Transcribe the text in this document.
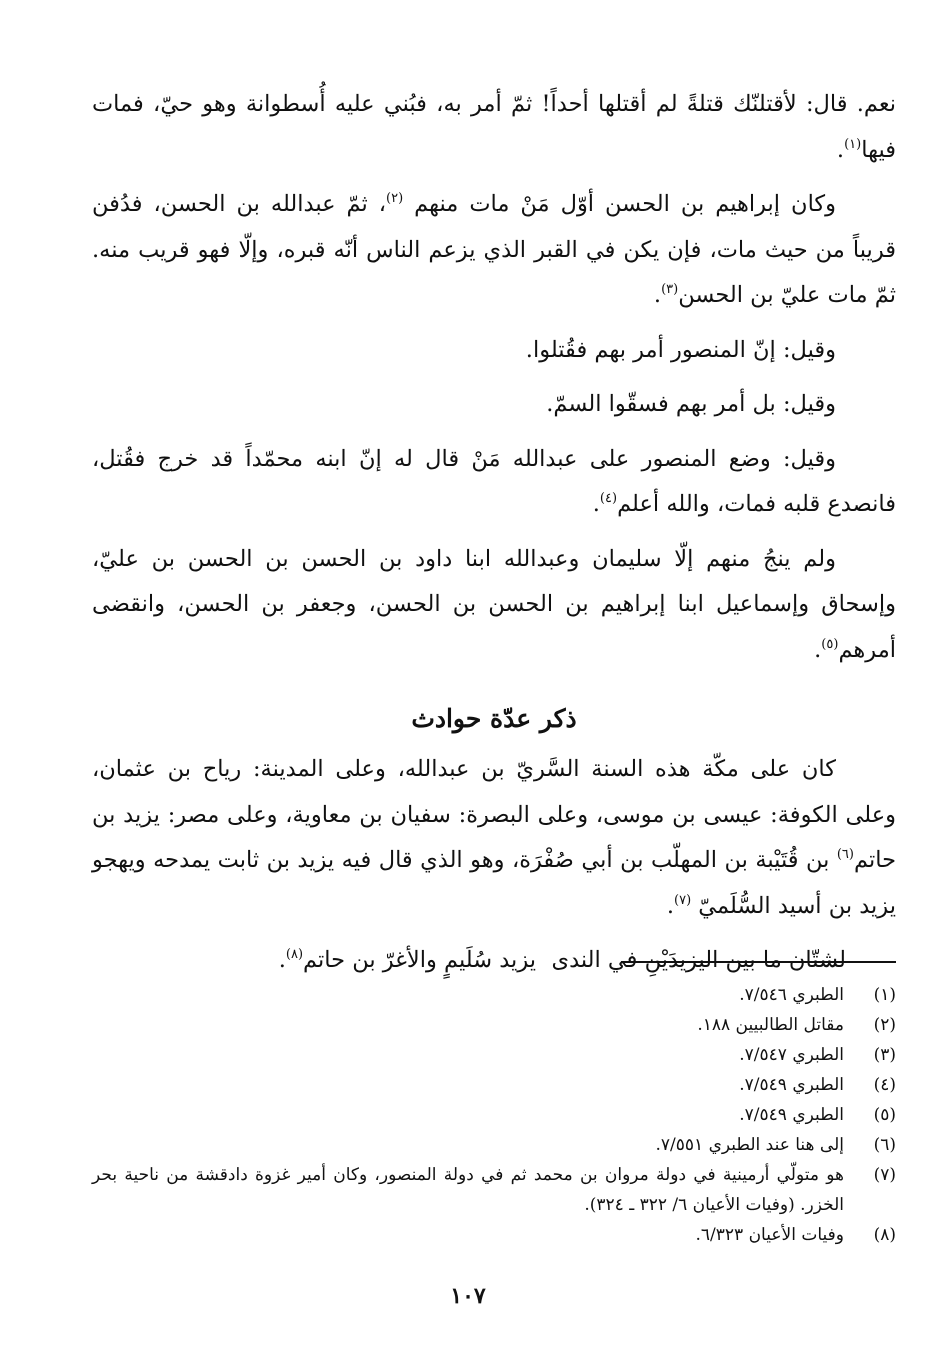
نعم. قال: لأقتلنّك قتلةً لم أقتلها أحداً! ثمّ أمر به، فبُني عليه أُسطوانة وهو حيّ، فمات فيها$^{(١)}$.

وكان إبراهيم بن الحسن أوّل مَنْ مات منهم $^{(٢)}$، ثمّ عبدالله بن الحسن، فدُفن قريباً من حيث مات، فإن يكن في القبر الذي يزعم الناس أنّه قبره، وإلّا فهو قريب منه. ثمّ مات عليّ بن الحسن$^{(٣)}$.

وقيل: إنّ المنصور أمر بهم فقُتلوا.

وقيل: بل أمر بهم فسقّوا السمّ.

وقيل: وضع المنصور على عبدالله مَنْ قال له إنّ ابنه محمّداً قد خرج فقُتل، فانصدع قلبه فمات، والله أعلم$^{(٤)}$.

ولم ينجُ منهم إلّا سليمان وعبدالله ابنا داود بن الحسن بن الحسن بن عليّ، وإسحاق وإسماعيل ابنا إبراهيم بن الحسن بن الحسن، وجعفر بن الحسن، وانقضى أمرهم$^{(٥)}$.

ذكر عدّة حوادث

كان على مكّة هذه السنة السَّريّ بن عبدالله، وعلى المدينة: رياح بن عثمان، وعلى الكوفة: عيسى بن موسى، وعلى البصرة: سفيان بن معاوية، وعلى مصر: يزيد بن حاتم$^{(٦)}$ بن قُتَيْبة بن المهلّب بن أبي صُفْرَة، وهو الذي قال فيه يزيد بن ثابت يمدحه ويهجو يزيد بن أسيد السُّلَميّ $^{(٧)}$.

لشتّان ما بين اليزيدَيْنِ في الندى
يزيد سُلَيمٍ والأغرّ بن حاتم$^{(٨)}$.
(١)
الطبري ٧/٥٤٦.
(٢)
مقاتل الطالبيين ١٨٨.
(٣)
الطبري ٧/٥٤٧.
(٤)
الطبري ٧/٥٤٩.
(٥)
الطبري ٧/٥٤٩.
(٦)
إلى هنا عند الطبري ٧/٥٥١.
(٧)
هو متولّي أرمينية في دولة مروان بن محمد ثم في دولة المنصور، وكان أمير غزوة دادقشة من ناحية بحر الخزر. (وفيات الأعيان ٦/ ٣٢٢ ـ ٣٢٤).
(٨)
وفيات الأعيان ٦/٣٢٣.
١٠٧
